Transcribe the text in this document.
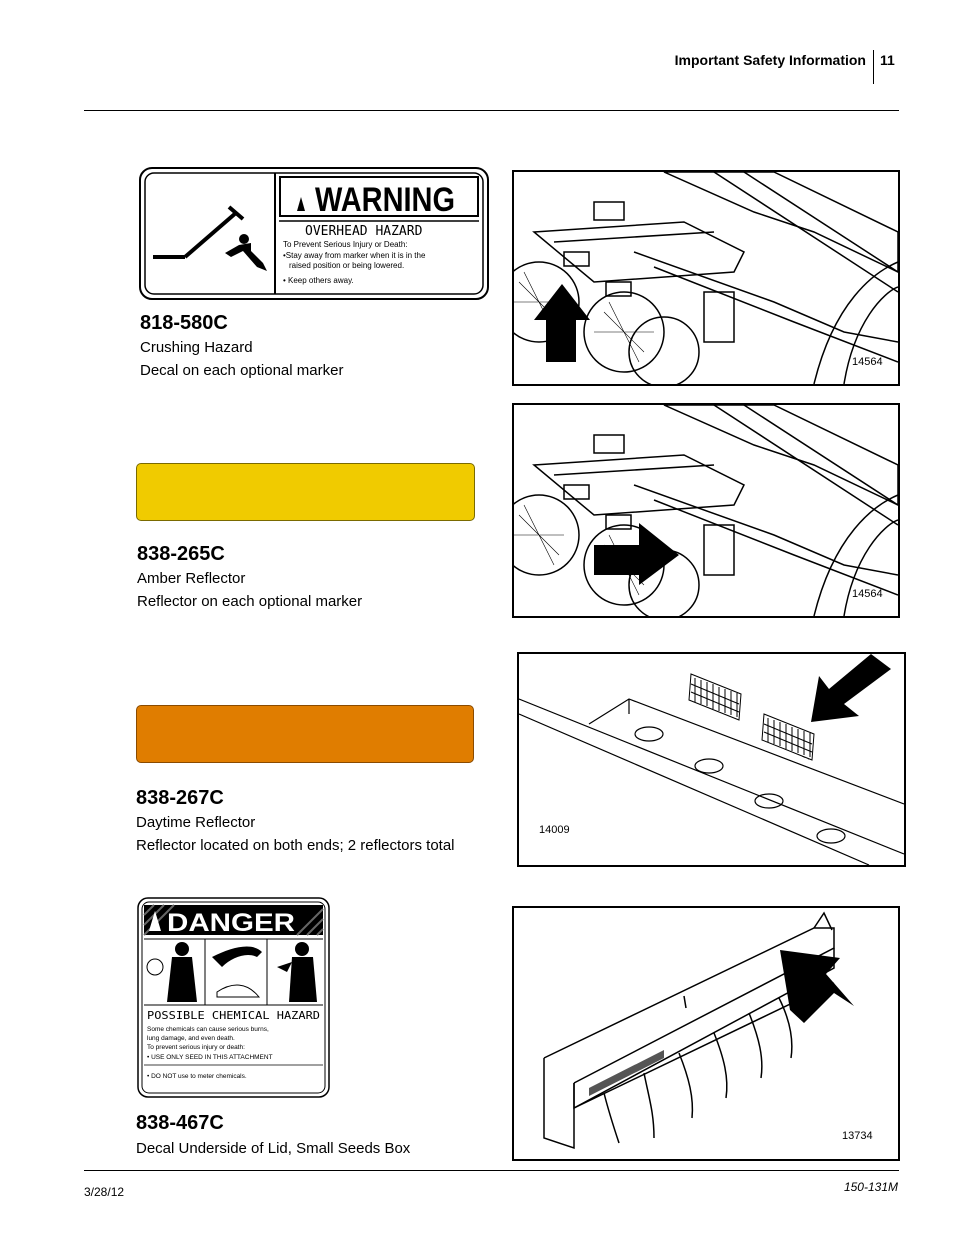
Important Safety Information 11
WARNING
OVERHEAD HAZARD
To Prevent Serious Injury or Death:
•Stay away from marker when it is in the
raised position or being lowered.
• Keep others away.
818-580C
Crushing Hazard
Decal on each optional marker	14564
838-265C
Amber Reflector
Reflector on each optional marker	14564
838-267C
Daytime Reflector
Reflector located on both ends; 2 reflectors total
14009
DANGER
POSSIBLE CHEMICAL HAZARD
Some chemicals can cause serious burns,
lung damage, and even death.
To prevent serious injury or death:
• USE ONLY SEED IN THIS ATTACHMENT
• DO NOT use to meter chemicals.
838-467C
Decal Underside of Lid, Small Seeds Box
13734
3/28/12	150-131M
